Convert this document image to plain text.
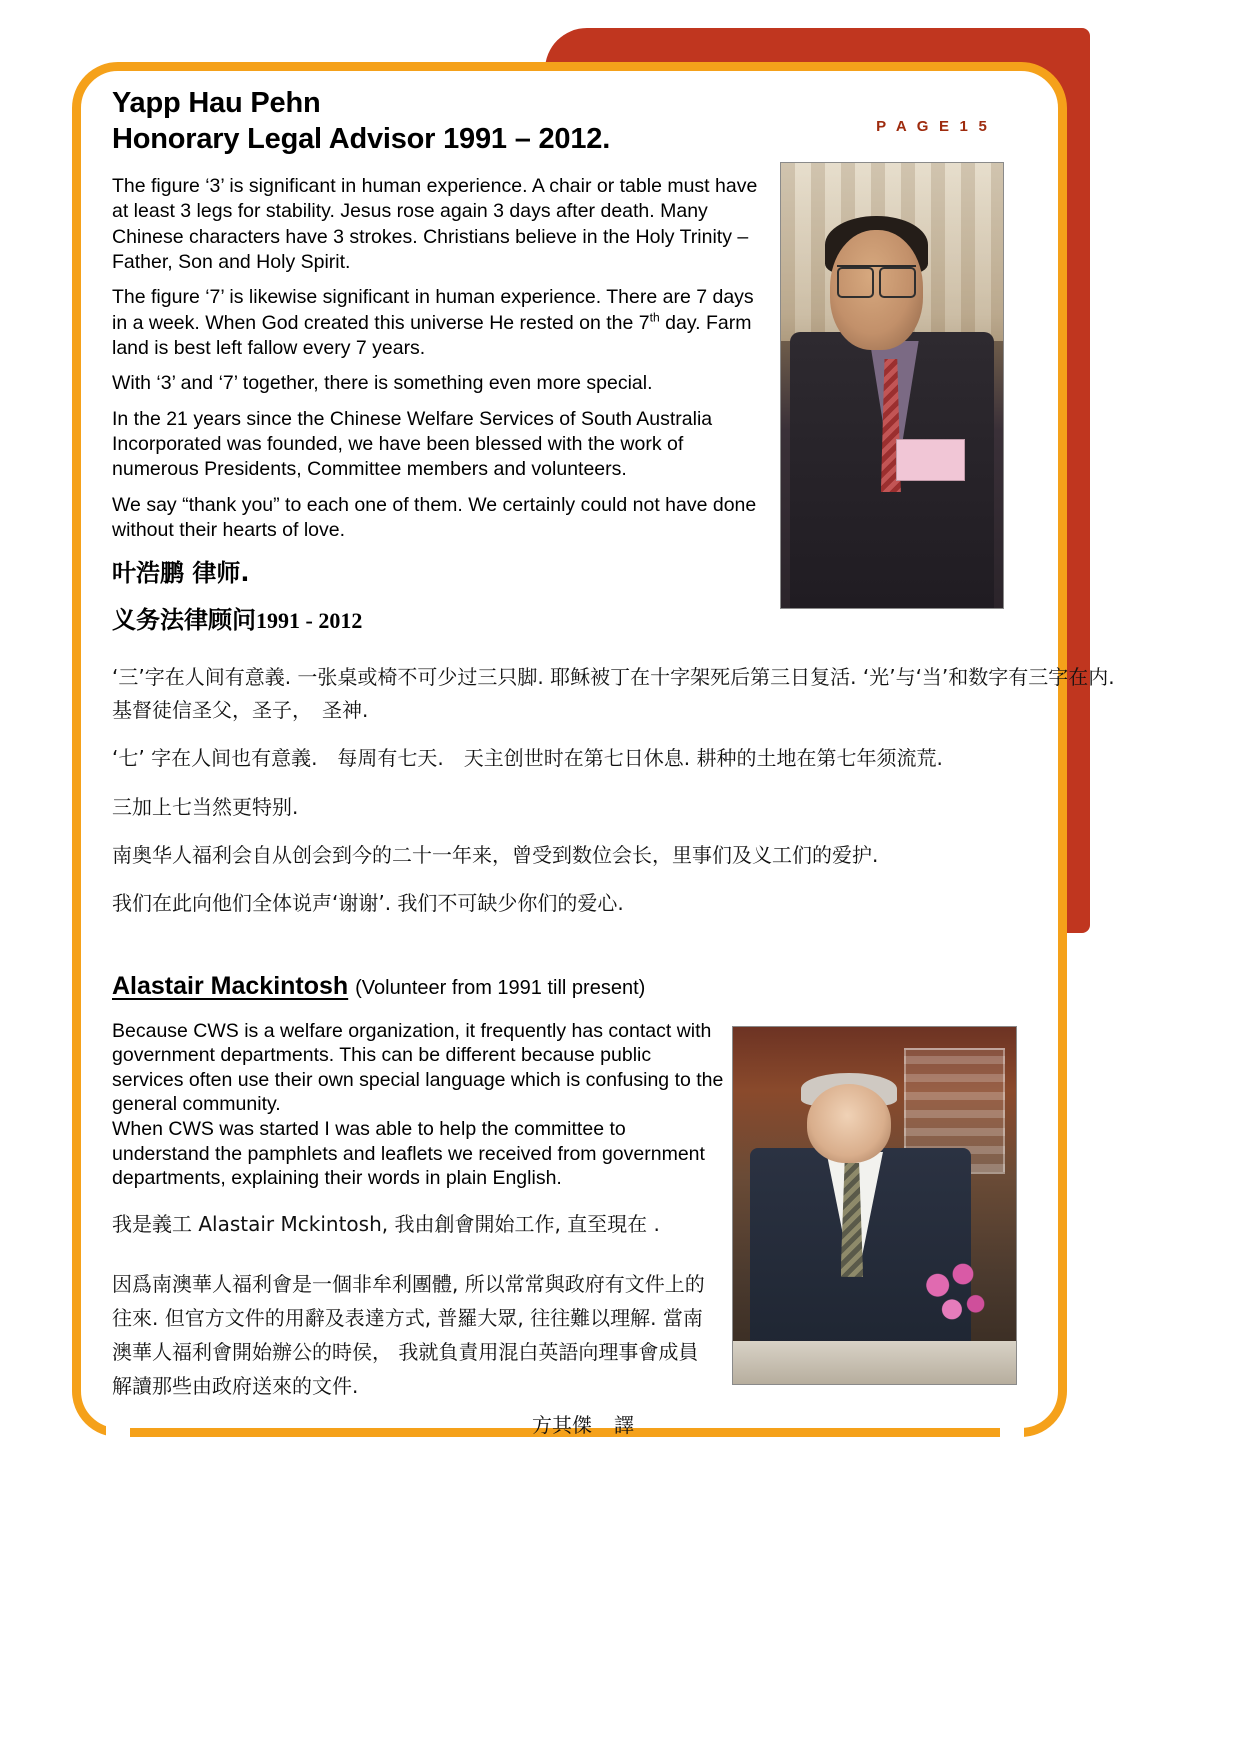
P A G E 1 5
Yapp Hau Pehn
Honorary Legal Advisor 1991 – 2012.

The figure ‘3’ is significant in human experience. A chair or table must have at least 3 legs for stability. Jesus rose again 3 days after death. Many Chinese characters have 3 strokes. Christians believe in the Holy Trinity – Father, Son and Holy Spirit.

The figure ‘7’ is likewise significant in human experience. There are 7 days in a week. When God created this universe He rested on the 7th day. Farm land is best left fallow every 7 years.

With ‘3’ and ‘7’ together, there is something even more special.

In the 21 years since the Chinese Welfare Services of South Australia Incorporated was founded, we have been blessed with the work of numerous Presidents, Committee members and volunteers.

We say “thank you” to each one of them. We certainly could not have done without their hearts of love.

叶浩鹏 律师.

义务法律顾问1991 - 2012

‘三’字在人间有意義. 一张桌或椅不可少过三只脚. 耶稣被丁在十字架死后第三日复活. ‘光’与‘当’和数字有三字在内.　基督徒信圣父，圣子，　圣神.

‘七’ 字在人间也有意義.　每周有七天.　天主创世时在第七日休息. 耕种的土地在第七年须流荒.

三加上七当然更特别.

南奥华人福利会自从创会到今的二十一年来，曾受到数位会长，里事们及义工们的爱护.

我们在此向他们全体说声‘谢谢’. 我们不可缺少你们的爱心.

Alastair Mackintosh (Volunteer from 1991 till present)

Because CWS is a welfare organization, it frequently has contact with government departments. This can be different because public services often use their own special language which is confusing to the general community.

When CWS was started I was able to help the committee to understand the pamphlets and leaflets we received from government departments, explaining their words in plain English.

我是義工 Alastair Mckintosh, 我由創會開始工作, 直至現在 .

因爲南澳華人福利會是一個非牟利團體, 所以常常與政府有文件上的往來. 但官方文件的用辭及表達方式, 普羅大眾, 往往難以理解. 當南澳華人福利會開始辦公的時侯， 我就負責用混白英語向理事會成員解讀那些由政府送來的文件.

方其傑 譯
